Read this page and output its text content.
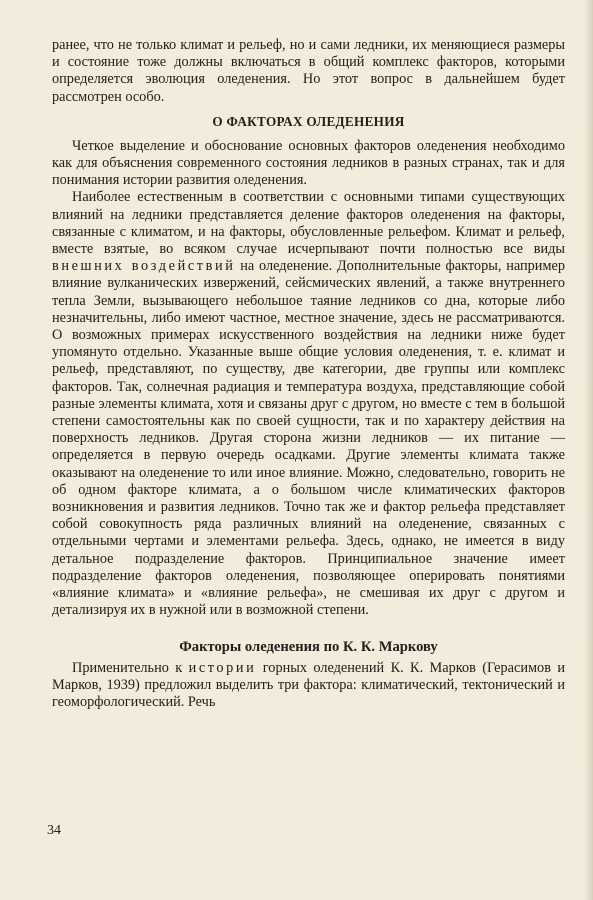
ранее, что не только климат и рельеф, но и сами ледники, их меняющиеся размеры и состояние тоже должны включаться в общий комплекс факторов, которыми определяется эволюция оледенения. Но этот вопрос в дальнейшем будет рассмотрен особо.

О ФАКТОРАХ ОЛЕДЕНЕНИЯ

Четкое выделение и обоснование основных факторов оледенения необходимо как для объяснения современного состояния ледников в разных странах, так и для понимания истории развития оледенения.

Наиболее естественным в соответствии с основными типами существующих влияний на ледники представляется деление факторов оледенения на факторы, связанные с климатом, и на факторы, обусловленные рельефом. Климат и рельеф, вместе взятые, во всяком случае исчерпывают почти полностью все виды внешних воздействий на оледенение. Дополнительные факторы, например влияние вулканических извержений, сейсмических явлений, а также внутреннего тепла Земли, вызывающего небольшое таяние ледников со дна, которые либо незначительны, либо имеют частное, местное значение, здесь не рассматриваются. О возможных примерах искусственного воздействия на ледники ниже будет упомянуто отдельно. Указанные выше общие условия оледенения, т. е. климат и рельеф, представляют, по существу, две категории, две группы или комплекс факторов. Так, солнечная радиация и температура воздуха, представляющие собой разные элементы климата, хотя и связаны друг с другом, но вместе с тем в большой степени самостоятельны как по своей сущности, так и по характеру действия на поверхность ледников. Другая сторона жизни ледников — их питание — определяется в первую очередь осадками. Другие элементы климата также оказывают на оледенение то или иное влияние. Можно, следовательно, говорить не об одном факторе климата, а о большом числе климатических факторов возникновения и развития ледников. Точно так же и фактор рельефа представляет собой совокупность ряда различных влияний на оледенение, связанных с отдельными чертами и элементами рельефа. Здесь, однако, не имеется в виду детальное подразделение факторов. Принципиальное значение имеет подразделение факторов оледенения, позволяющее оперировать понятиями «влияние климата» и «влияние рельефа», не смешивая их друг с другом и детализируя их в нужной или в возможной степени.

Факторы оледенения по К. К. Маркову

Применительно к истории горных оледенений К. К. Марков (Герасимов и Марков, 1939) предложил выделить три фактора: климатический, тектонический и геоморфологический. Речь

34
